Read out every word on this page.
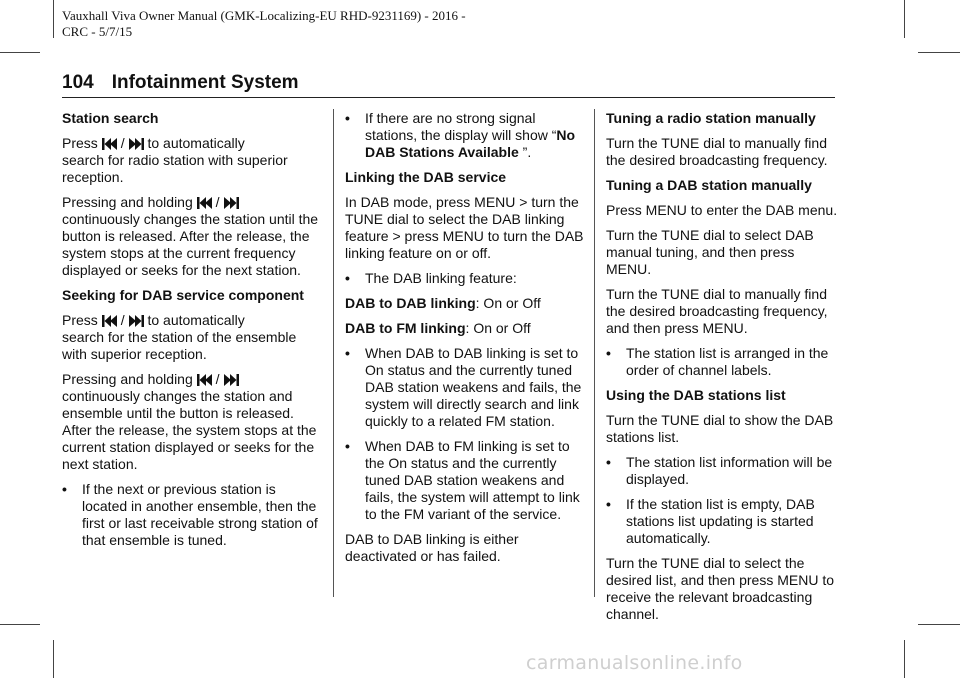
Vauxhall Viva Owner Manual (GMK-Localizing-EU RHD-9231169) - 2016 -
CRC - 5/7/15
104 Infotainment System

Station search

Press / to automatically
search for radio station with superior reception.

Pressing and holding /

continuously changes the station until the button is released. After the release, the system stops at the current frequency displayed or seeks for the next station.

Seeking for DAB service component

Press / to automatically
search for the station of the ensemble with superior reception.

Pressing and holding /

continuously changes the station and ensemble until the button is released. After the release, the system stops at the current station displayed or seeks for the next station.

•	If the next or previous station is located in another ensemble, then the first or last receivable strong station of that ensemble is tuned.
•	If there are no strong signal stations, the display will show “No DAB Stations Available ”.

Linking the DAB service

In DAB mode, press MENU > turn the TUNE dial to select the DAB linking feature > press MENU to turn the DAB linking feature on or off.

•	The DAB linking feature:

DAB to DAB linking: On or Off

DAB to FM linking: On or Off

•	When DAB to DAB linking is set to On status and the currently tuned DAB station weakens and fails, the system will directly search and link quickly to a related FM station.
•	When DAB to FM linking is set to the On status and the currently tuned DAB station weakens and fails, the system will attempt to link to the FM variant of the service.

DAB to DAB linking is either deactivated or has failed.

Tuning a radio station manually

Turn the TUNE dial to manually find the desired broadcasting frequency.

Tuning a DAB station manually

Press MENU to enter the DAB menu.

Turn the TUNE dial to select DAB manual tuning, and then press MENU.

Turn the TUNE dial to manually find the desired broadcasting frequency, and then press MENU.

•	The station list is arranged in the order of channel labels.

Using the DAB stations list

Turn the TUNE dial to show the DAB stations list.

•	The station list information will be displayed.
•	If the station list is empty, DAB stations list updating is started automatically.

Turn the TUNE dial to select the desired list, and then press MENU to receive the relevant broadcasting channel.

carmanualsonline.info
